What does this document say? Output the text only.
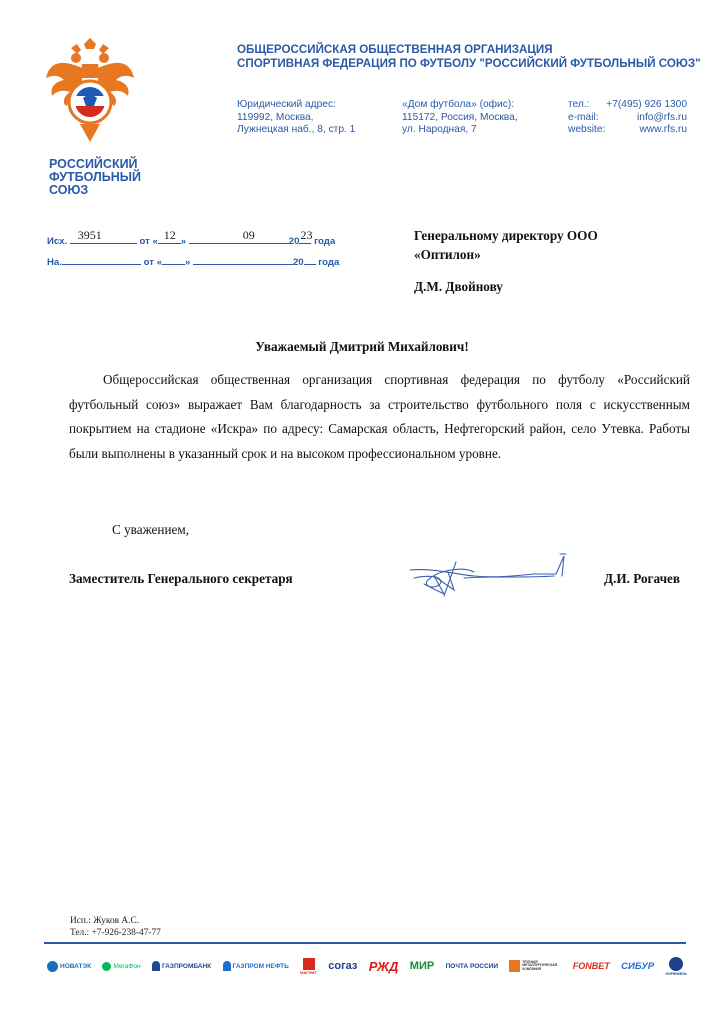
РОССИЙСКИЙ
ФУТБОЛЬНЫЙ
СОЮЗ
ОБЩЕРОССИЙСКАЯ ОБЩЕСТВЕННАЯ ОРГАНИЗАЦИЯ
СПОРТИВНАЯ ФЕДЕРАЦИЯ ПО ФУТБОЛУ "РОССИЙСКИЙ ФУТБОЛЬНЫЙ СОЮЗ"
Юридический адрес:
119992, Москва,
Лужнецкая наб., 8, стр. 1
«Дом футбола» (офис):
115172, Россия, Москва,
ул. Народная, 7
тел.: +7(495) 926 1300
e-mail:	info@rfs.ru
website:	www.rfs.ru
Исх. 3951	от « 12 »	09	20 23 года
На.	от « »	20 года
Генеральному директору ООО
«Оптилон»
Д.М. Двойнову
Уважаемый Дмитрий Михайлович!
Общероссийская общественная организация спортивная федерация по футболу «Российский футбольный союз» выражает Вам благодарность за строительство футбольного поля с искусственным покрытием на стадионе «Искра» по адресу: Самарская область, Нефтегорский район, село Утевка. Работы были выполнены в указанный срок и на высоком профессиональном уровне.
С уважением,
Заместитель Генерального секретаря	Д.И. Рогачев
Исп.: Жуков А.С.
Тел.: +7-926-238-47-77
НОВАТЭК	МегаФон	ГАЗПРОМБАНК	ГАЗПРОМ НЕФТЬ
МАГНИТ согаз РЖД МИР ПОЧТА РОССИИ
ТРУБНАЯ МЕТАЛЛУРГИЧЕСКАЯ КОМПАНИЯ	FONBET СИБУР
НОРНИКЕЛЬ
